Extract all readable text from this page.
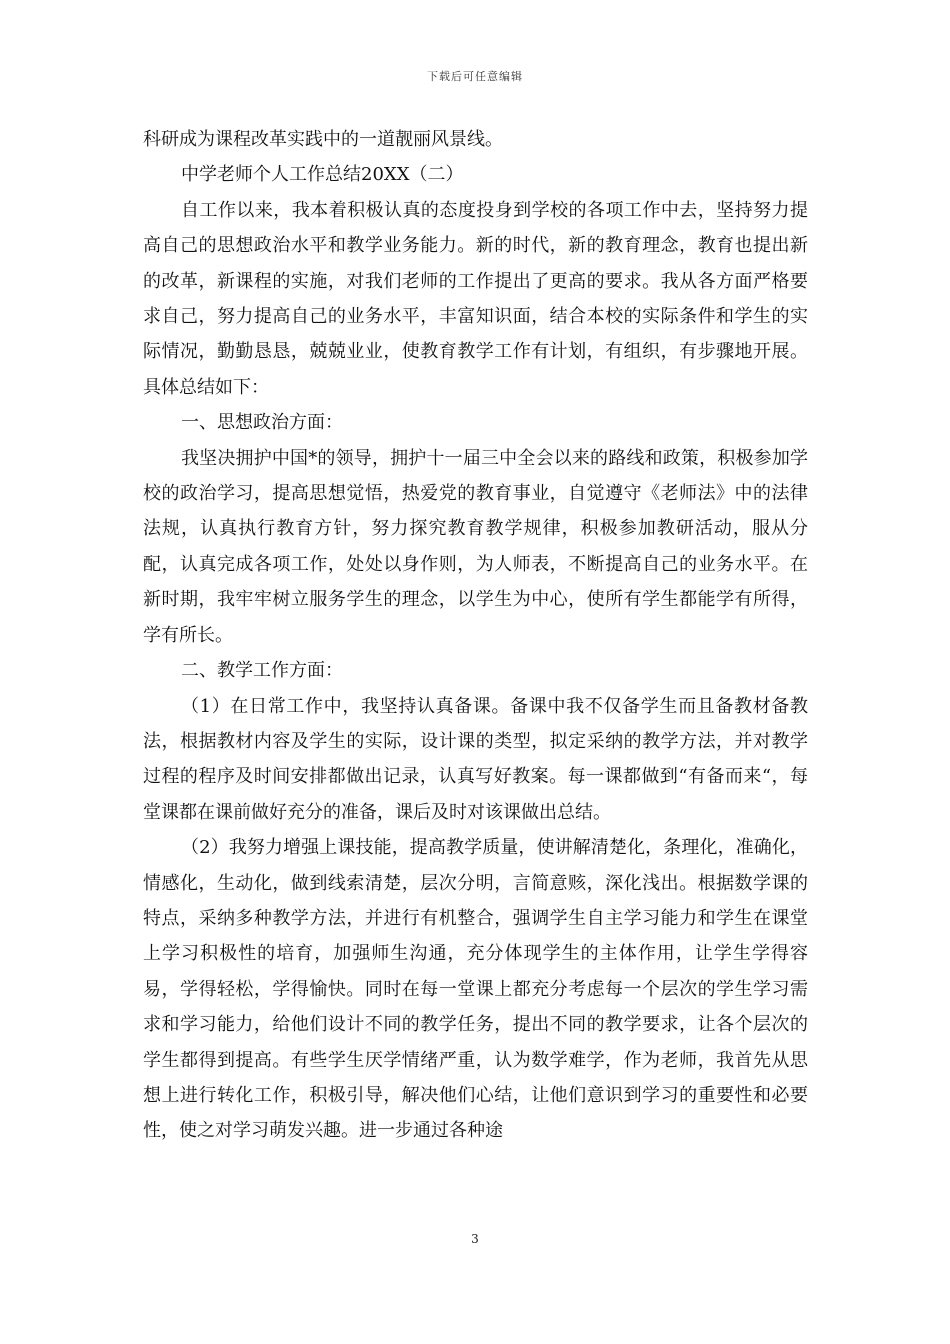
下载后可任意编辑

科研成为课程改革实践中的一道靓丽风景线。

中学老师个人工作总结20XX（二）

自工作以来，我本着积极认真的态度投身到学校的各项工作中去，坚持努力提高自己的思想政治水平和教学业务能力。新的时代，新的教育理念，教育也提出新的改革，新课程的实施，对我们老师的工作提出了更高的要求。我从各方面严格要求自己，努力提高自己的业务水平，丰富知识面，结合本校的实际条件和学生的实际情况，勤勤恳恳，兢兢业业，使教育教学工作有计划，有组织，有步骤地开展。具体总结如下：

一、思想政治方面：

我坚决拥护中国*的领导，拥护十一届三中全会以来的路线和政策，积极参加学校的政治学习，提高思想觉悟，热爱党的教育事业，自觉遵守《老师法》中的法律法规，认真执行教育方针，努力探究教育教学规律，积极参加教研活动，服从分配，认真完成各项工作，处处以身作则，为人师表，不断提高自己的业务水平。在新时期，我牢牢树立服务学生的理念，以学生为中心，使所有学生都能学有所得，学有所长。

二、教学工作方面：

（1）在日常工作中，我坚持认真备课。备课中我不仅备学生而且备教材备教法，根据教材内容及学生的实际，设计课的类型，拟定采纳的教学方法，并对教学过程的程序及时间安排都做出记录，认真写好教案。每一课都做到“有备而来“，每堂课都在课前做好充分的准备，课后及时对该课做出总结。

（2）我努力增强上课技能，提高教学质量，使讲解清楚化，条理化，准确化，情感化，生动化，做到线索清楚，层次分明，言简意赅，深化浅出。根据数学课的特点，采纳多种教学方法，并进行有机整合，强调学生自主学习能力和学生在课堂上学习积极性的培育，加强师生沟通，充分体现学生的主体作用，让学生学得容易，学得轻松，学得愉快。同时在每一堂课上都充分考虑每一个层次的学生学习需求和学习能力，给他们设计不同的教学任务，提出不同的教学要求，让各个层次的学生都得到提高。有些学生厌学情绪严重，认为数学难学，作为老师，我首先从思想上进行转化工作，积极引导，解决他们心结，让他们意识到学习的重要性和必要性，使之对学习萌发兴趣。进一步通过各种途

3
